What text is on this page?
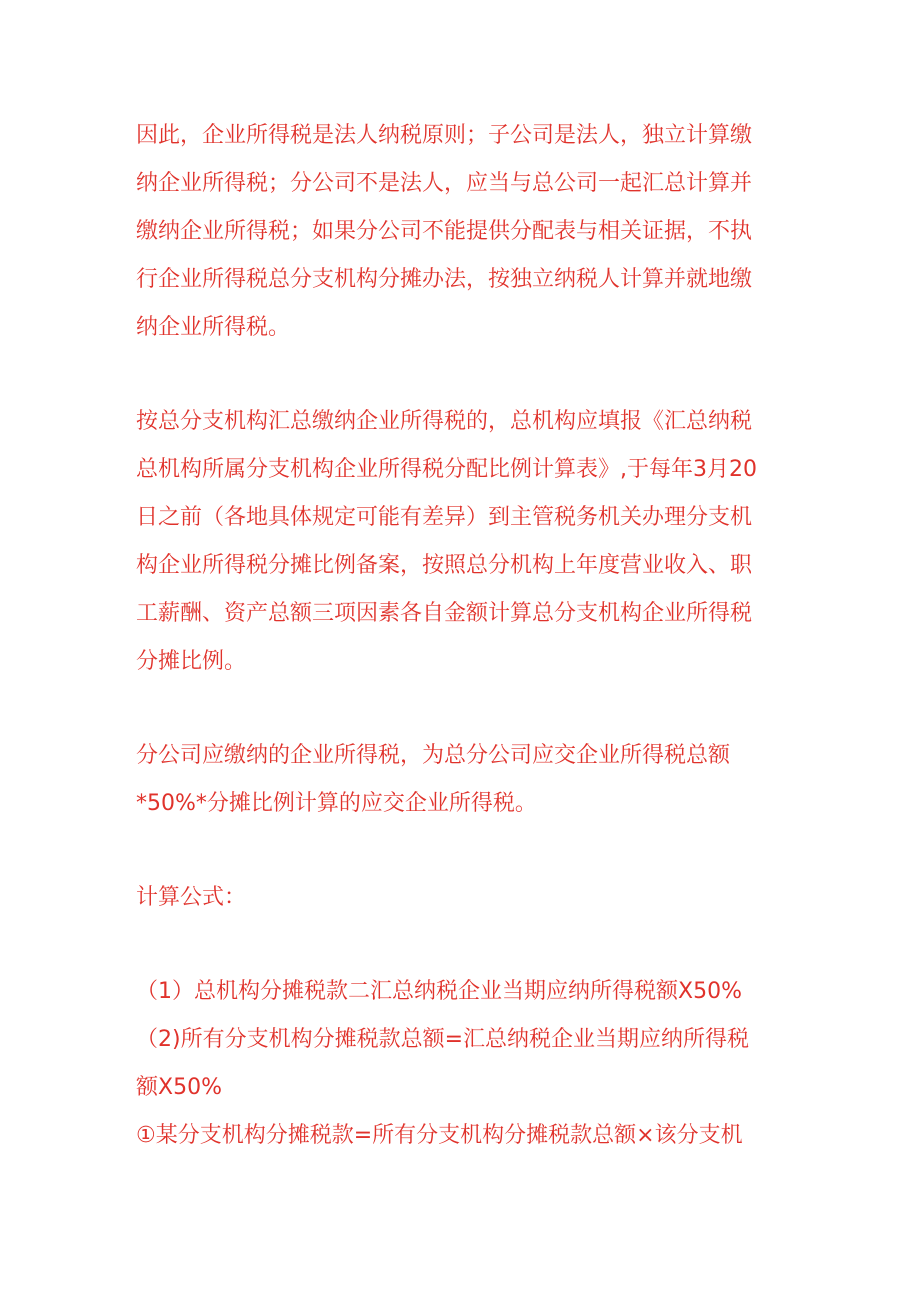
因此，企业所得税是法人纳税原则；子公司是法人，独立计算缴
纳企业所得税；分公司不是法人，应当与总公司一起汇总计算并
缴纳企业所得税；如果分公司不能提供分配表与相关证据，不执
行企业所得税总分支机构分摊办法，按独立纳税人计算并就地缴
纳企业所得税。

按总分支机构汇总缴纳企业所得税的，总机构应填报《汇总纳税
总机构所属分支机构企业所得税分配比例计算表》,于每年3月20
日之前（各地具体规定可能有差异）到主管税务机关办理分支机
构企业所得税分摊比例备案，按照总分机构上年度营业收入、职
工薪酬、资产总额三项因素各自金额计算总分支机构企业所得税
分摊比例。

分公司应缴纳的企业所得税，为总分公司应交企业所得税总额
*50%*分摊比例计算的应交企业所得税。

计算公式：

（1）总机构分摊税款二汇总纳税企业当期应纳所得税额X50%
（2)所有分支机构分摊税款总额=汇总纳税企业当期应纳所得税
额X50%
①某分支机构分摊税款=所有分支机构分摊税款总额×该分支机
